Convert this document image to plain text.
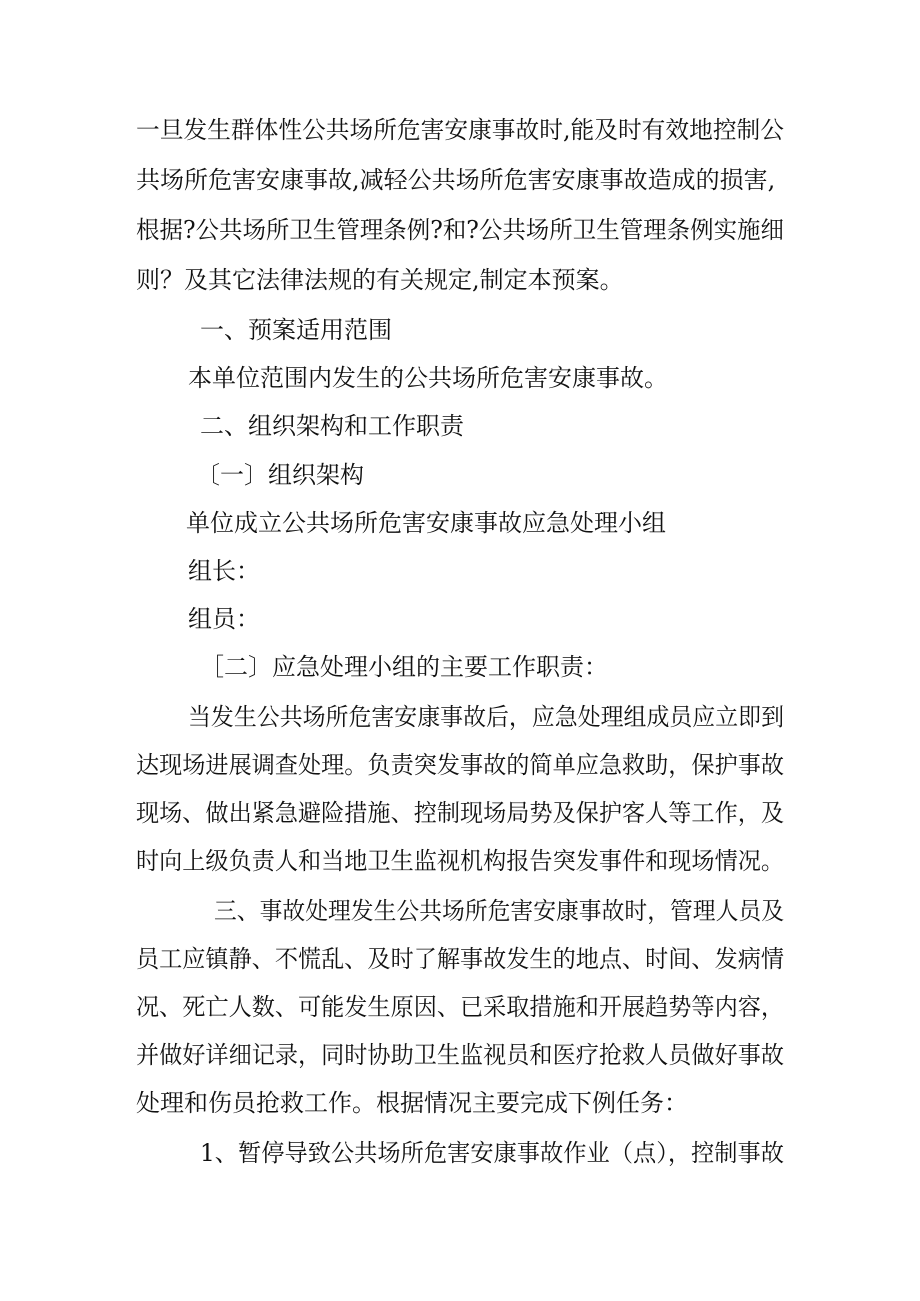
一旦发生群体性公共场所危害安康事故时,能及时有效地控制公
共场所危害安康事故,减轻公共场所危害安康事故造成的损害,
根据?公共场所卫生管理条例?和?公共场所卫生管理条例实施细
则？及其它法律法规的有关规定,制定本预案。
一、预案适用范围
本单位范围内发生的公共场所危害安康事故。
二、组织架构和工作职责
〔一〕组织架构
单位成立公共场所危害安康事故应急处理小组
组长：
组员：
［二〕应急处理小组的主要工作职责：
当发生公共场所危害安康事故后，应急处理组成员应立即到
达现场进展调查处理。负责突发事故的简单应急救助，保护事故
现场、做出紧急避险措施、控制现场局势及保护客人等工作，及
时向上级负责人和当地卫生监视机构报告突发事件和现场情况。
三、事故处理发生公共场所危害安康事故时，管理人员及
员工应镇静、不慌乱、及时了解事故发生的地点、时间、发病情
况、死亡人数、可能发生原因、已采取措施和开展趋势等内容，
并做好详细记录，同时协助卫生监视员和医疗抢救人员做好事故
处理和伤员抢救工作。根据情况主要完成下例任务：
1、暂停导致公共场所危害安康事故作业（点），控制事故
